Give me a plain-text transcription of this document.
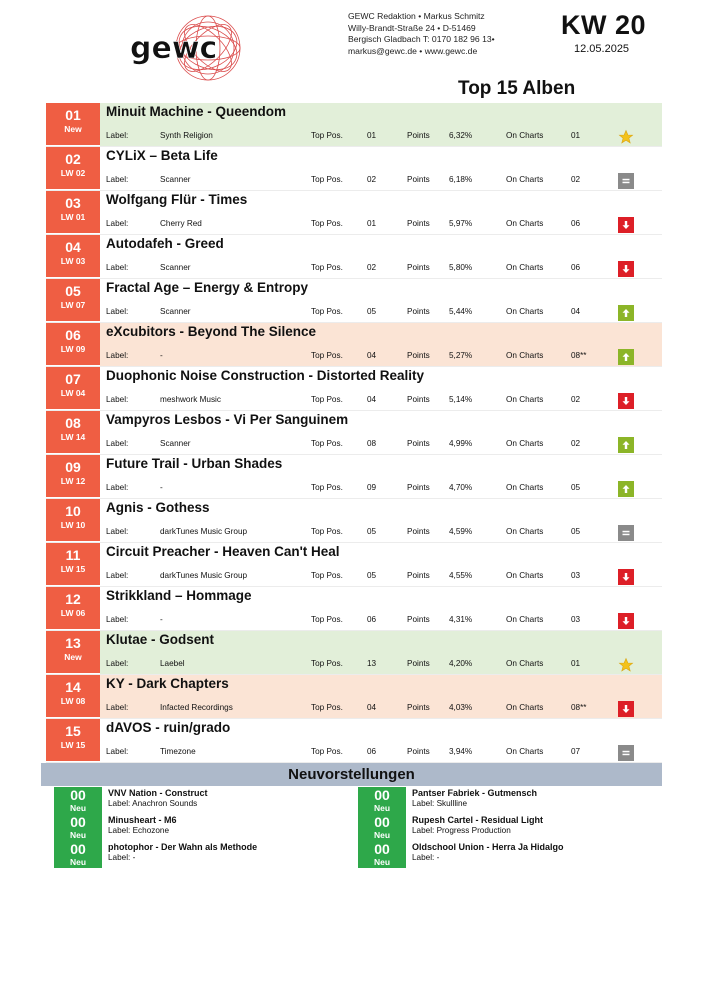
gewc
GEWC Redaktion • Markus Schmitz
Willy-Brandt-Straße 24 • D-51469
Bergisch Gladbach T: 0170 182 96 13•
markus@gewc.de • www.gewc.de
KW 20
12.05.2025
Top 15 Alben
01
New
Minuit Machine - Queendom
Label:	Synth Religion	Top Pos.	01	Points 6,32%	On Charts	01
02
LW 02
CYLiX – Beta Life
Label:	Scanner	Top Pos.	02	Points 6,18%	On Charts	02
03
LW 01
Wolfgang Flür - Times
Label:	Cherry Red	Top Pos.	01	Points 5,97%	On Charts	06
04
LW 03
Autodafeh - Greed
Label:	Scanner	Top Pos.	02	Points 5,80%	On Charts	06
05
LW 07
Fractal Age – Energy & Entropy
Label:	Scanner	Top Pos.	05	Points 5,44%	On Charts	04
06
LW 09
eXcubitors - Beyond The Silence
Label:	-	Top Pos.	04	Points 5,27%	On Charts	08**
07
LW 04
Duophonic Noise Construction - Distorted Reality
Label:	meshwork Music	Top Pos.	04	Points 5,14%	On Charts	02
08
LW 14
Vampyros Lesbos - Vi Per Sanguinem
Label:	Scanner	Top Pos.	08	Points 4,99%	On Charts	02
09
LW 12
Future Trail - Urban Shades
Label:	-	Top Pos.	09	Points 4,70%	On Charts	05
10
LW 10
Agnis - Gothess
Label:	darkTunes Music Group	Top Pos.	05	Points 4,59%	On Charts	05
11
LW 15
Circuit Preacher - Heaven Can't Heal
Label:	darkTunes Music Group	Top Pos.	05	Points 4,55%	On Charts	03
12
LW 06
Strikkland – Hommage
Label:	-	Top Pos.	06	Points 4,31%	On Charts	03
13
New
Klutae - Godsent
Label:	Laebel	Top Pos.	13	Points 4,20%	On Charts	01
14
LW 08
KY - Dark Chapters
Label:	Infacted Recordings	Top Pos.	04	Points 4,03%	On Charts	08**
15
LW 15
dAVOS - ruin/grado
Label:	Timezone	Top Pos.	06	Points 3,94%	On Charts	07
Neuvorstellungen
00
Neu
VNV Nation - Construct
Label: Anachron Sounds
00
Neu
Minusheart - M6
Label: Echozone
00
Neu
photophor - Der Wahn als Methode
Label: -
00
Neu
Pantser Fabriek - Gutmensch
Label: Skullline
00
Neu
Rupesh Cartel - Residual Light
Label: Progress Production
00
Neu
Oldschool Union - Herra Ja Hidalgo
Label: -
